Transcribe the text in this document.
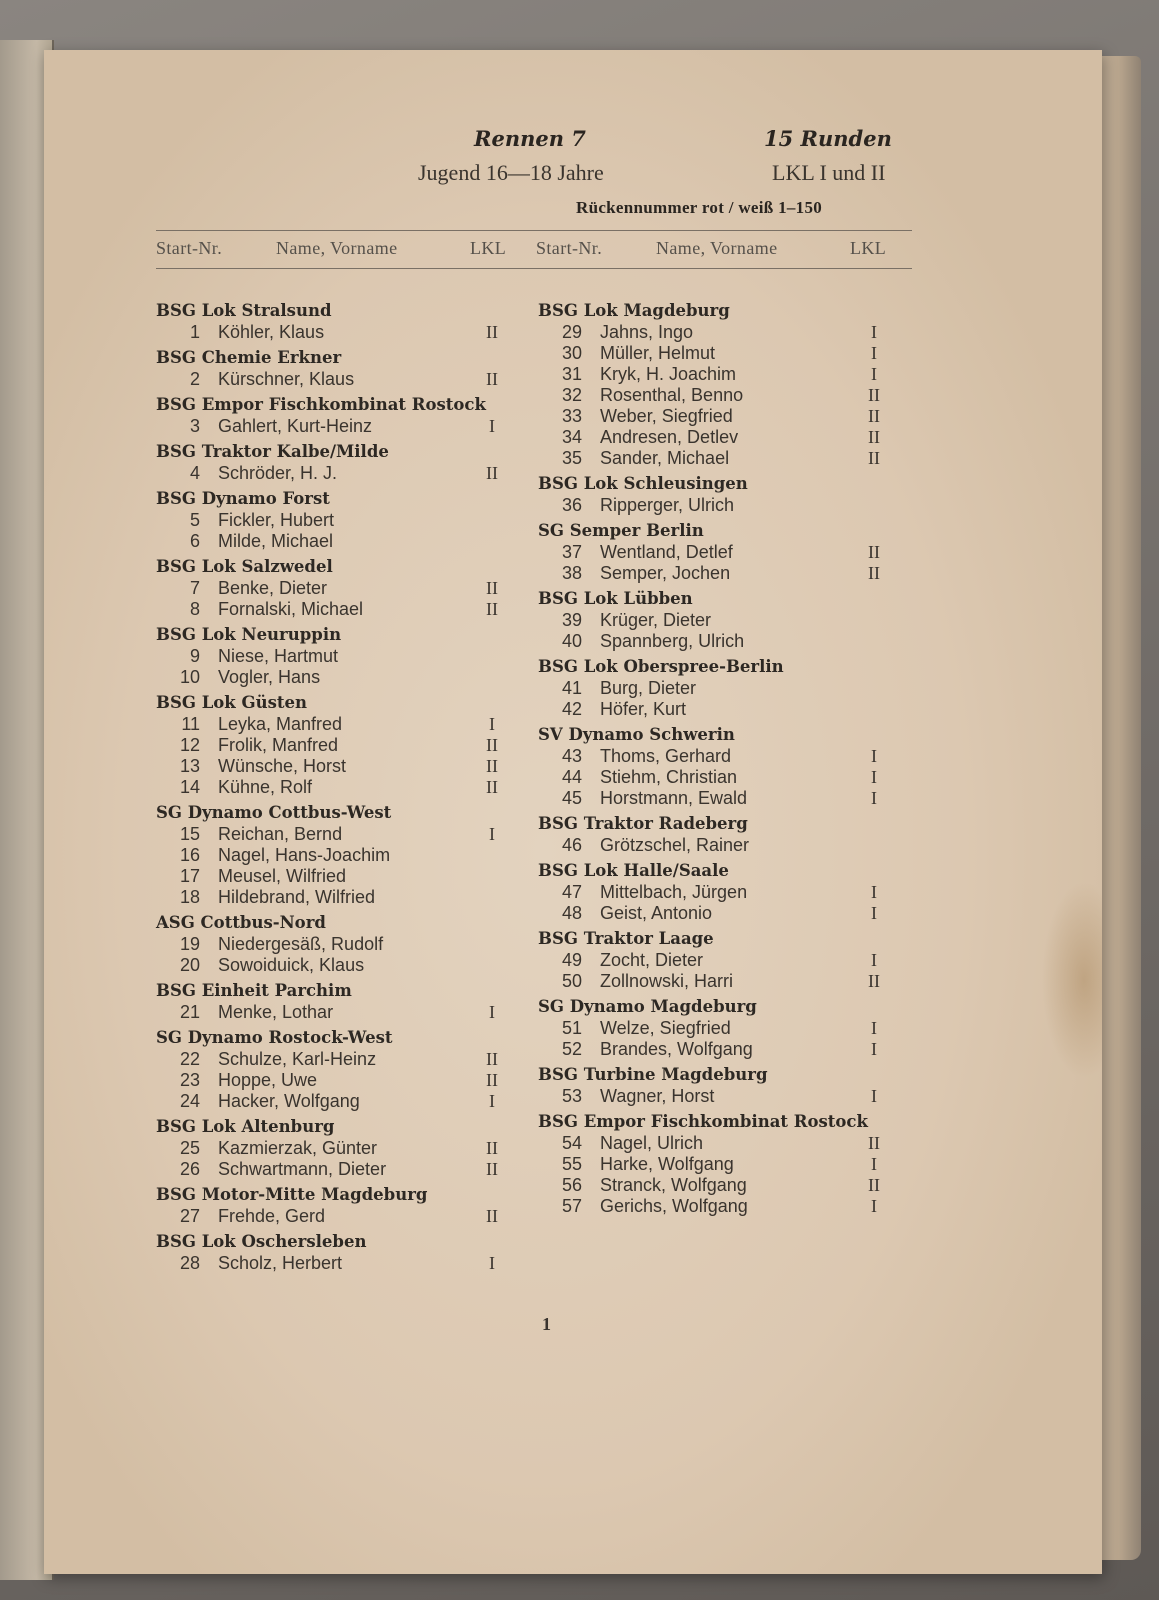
Rennen 7	15 Runden
Jugend 16—18 Jahre	LKL I und II
Rückennummer rot / weiß 1–150
Start-Nr.	Name, Vorname	LKL Start-Nr.	Name, Vorname	LKL
BSG Lok Stralsund
1 Köhler, Klaus	II
BSG Chemie Erkner
2 Kürschner, Klaus	II
BSG Empor Fischkombinat Rostock
3 Gahlert, Kurt-Heinz	I
BSG Traktor Kalbe/Milde
4 Schröder, H. J.	II
BSG Dynamo Forst
5 Fickler, Hubert
6 Milde, Michael
BSG Lok Salzwedel
7 Benke, Dieter	II
8 Fornalski, Michael	II
BSG Lok Neuruppin
9 Niese, Hartmut
10 Vogler, Hans
BSG Lok Güsten
11 Leyka, Manfred	I
12 Frolik, Manfred	II
13 Wünsche, Horst	II
14 Kühne, Rolf	II
SG Dynamo Cottbus-West
15 Reichan, Bernd	I
16 Nagel, Hans-Joachim
17 Meusel, Wilfried
18 Hildebrand, Wilfried
ASG Cottbus-Nord
19 Niedergesäß, Rudolf
20 Sowoiduick, Klaus
BSG Einheit Parchim
21 Menke, Lothar	I
SG Dynamo Rostock-West
22 Schulze, Karl-Heinz	II
23 Hoppe, Uwe	II
24 Hacker, Wolfgang	I
BSG Lok Altenburg
25 Kazmierzak, Günter	II
26 Schwartmann, Dieter	II
BSG Motor-Mitte Magdeburg
27 Frehde, Gerd	II
BSG Lok Oschersleben
28 Scholz, Herbert	I
BSG Lok Magdeburg
29 Jahns, Ingo	I
30 Müller, Helmut	I
31 Kryk, H. Joachim	I
32 Rosenthal, Benno	II
33 Weber, Siegfried	II
34 Andresen, Detlev	II
35 Sander, Michael	II
BSG Lok Schleusingen
36 Ripperger, Ulrich
SG Semper Berlin
37 Wentland, Detlef	II
38 Semper, Jochen	II
BSG Lok Lübben
39 Krüger, Dieter
40 Spannberg, Ulrich
BSG Lok Oberspree-Berlin
41 Burg, Dieter
42 Höfer, Kurt
SV Dynamo Schwerin
43 Thoms, Gerhard	I
44 Stiehm, Christian	I
45 Horstmann, Ewald	I
BSG Traktor Radeberg
46 Grötzschel, Rainer
BSG Lok Halle/Saale
47 Mittelbach, Jürgen	I
48 Geist, Antonio	I
BSG Traktor Laage
49 Zocht, Dieter	I
50 Zollnowski, Harri	II
SG Dynamo Magdeburg
51 Welze, Siegfried	I
52 Brandes, Wolfgang	I
BSG Turbine Magdeburg
53 Wagner, Horst	I
BSG Empor Fischkombinat Rostock
54 Nagel, Ulrich	II
55 Harke, Wolfgang	I
56 Stranck, Wolfgang	II
57 Gerichs, Wolfgang	I
1
